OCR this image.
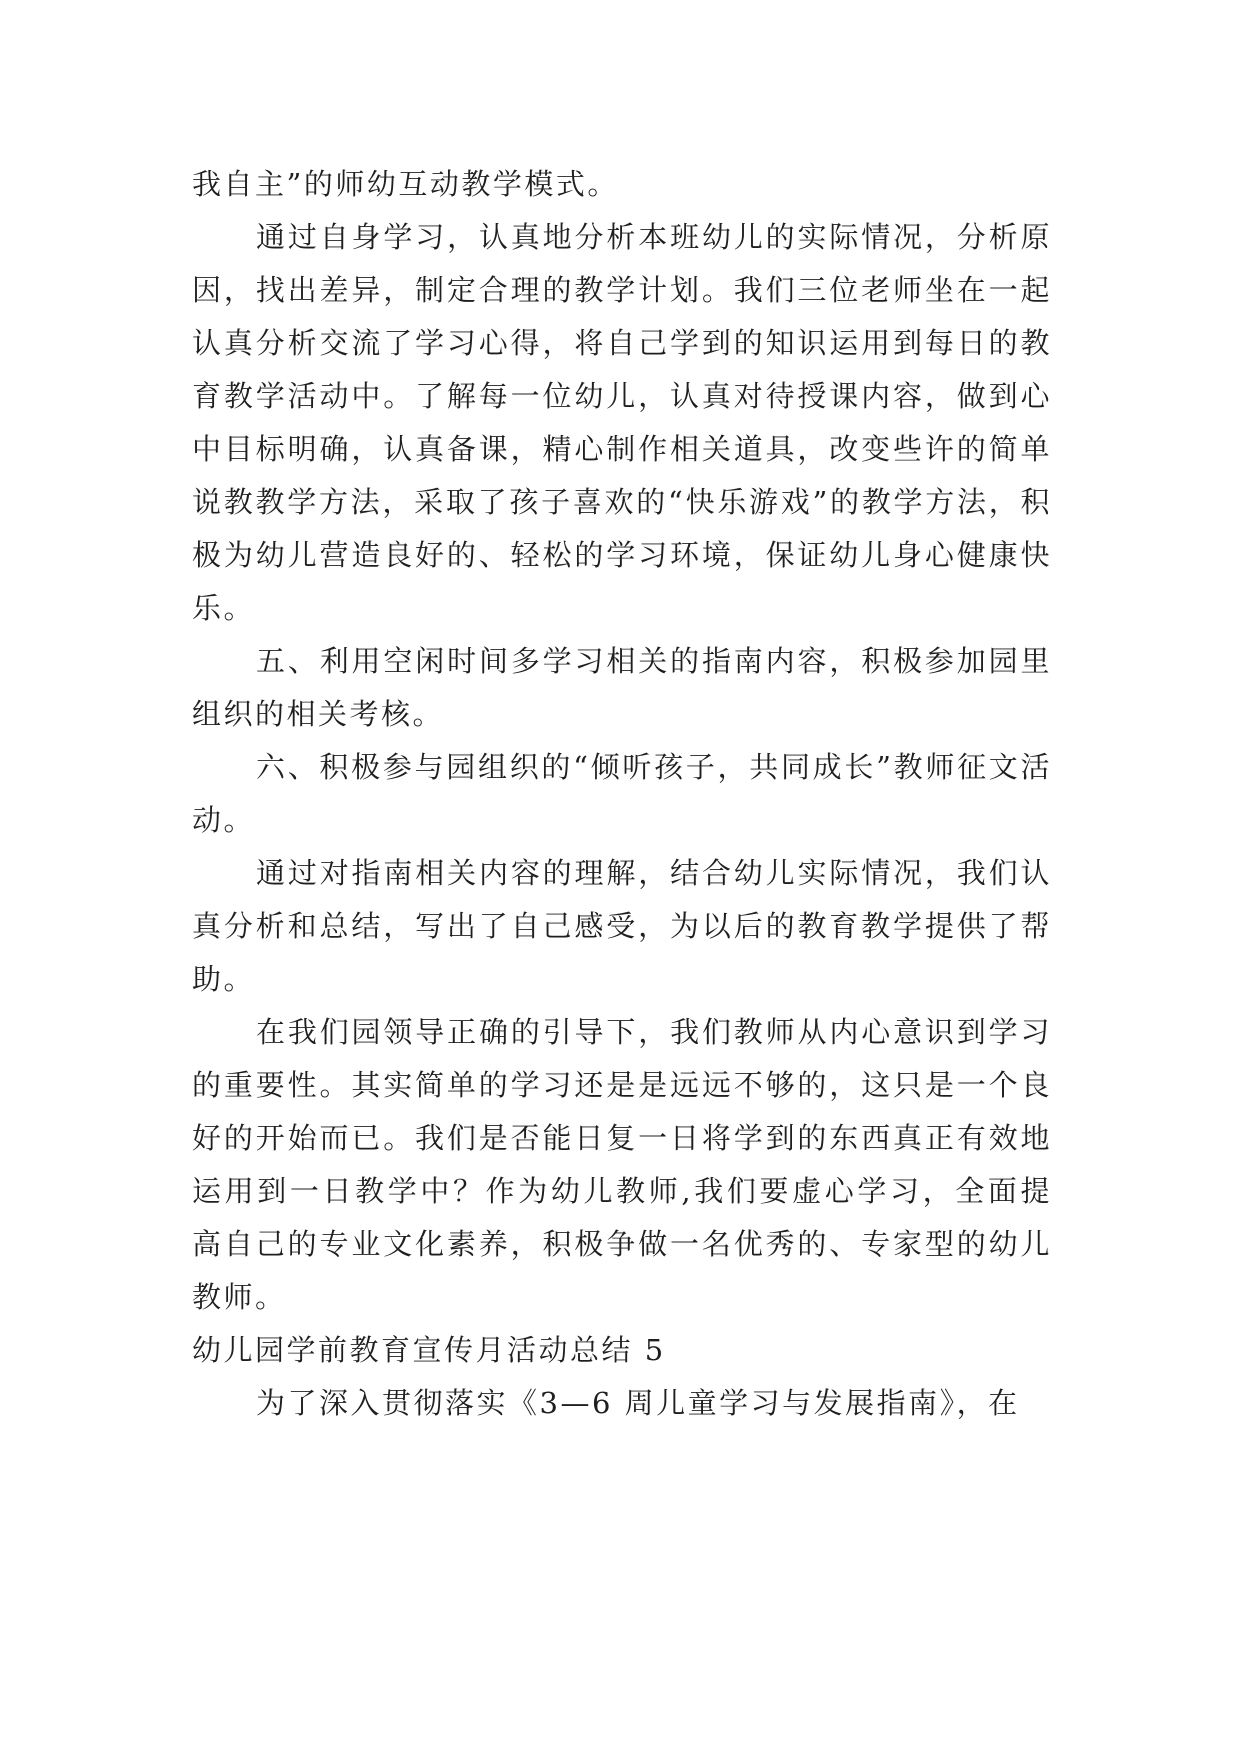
我自主”的师幼互动教学模式。

通过自身学习，认真地分析本班幼儿的实际情况，分析原因，找出差异，制定合理的教学计划。我们三位老师坐在一起认真分析交流了学习心得，将自己学到的知识运用到每日的教育教学活动中。了解每一位幼儿，认真对待授课内容，做到心中目标明确，认真备课，精心制作相关道具，改变些许的简单说教教学方法，采取了孩子喜欢的“快乐游戏”的教学方法，积极为幼儿营造良好的、轻松的学习环境，保证幼儿身心健康快乐。

五、利用空闲时间多学习相关的指南内容，积极参加园里组织的相关考核。

六、积极参与园组织的“倾听孩子，共同成长”教师征文活动。

通过对指南相关内容的理解，结合幼儿实际情况，我们认真分析和总结，写出了自己感受，为以后的教育教学提供了帮助。

在我们园领导正确的引导下，我们教师从内心意识到学习的重要性。其实简单的学习还是是远远不够的，这只是一个良好的开始而已。我们是否能日复一日将学到的东西真正有效地运用到一日教学中？作为幼儿教师,我们要虚心学习，全面提高自己的专业文化素养，积极争做一名优秀的、专家型的幼儿教师。

幼儿园学前教育宣传月活动总结 5

为了深入贯彻落实《3—6 周儿童学习与发展指南》，在
